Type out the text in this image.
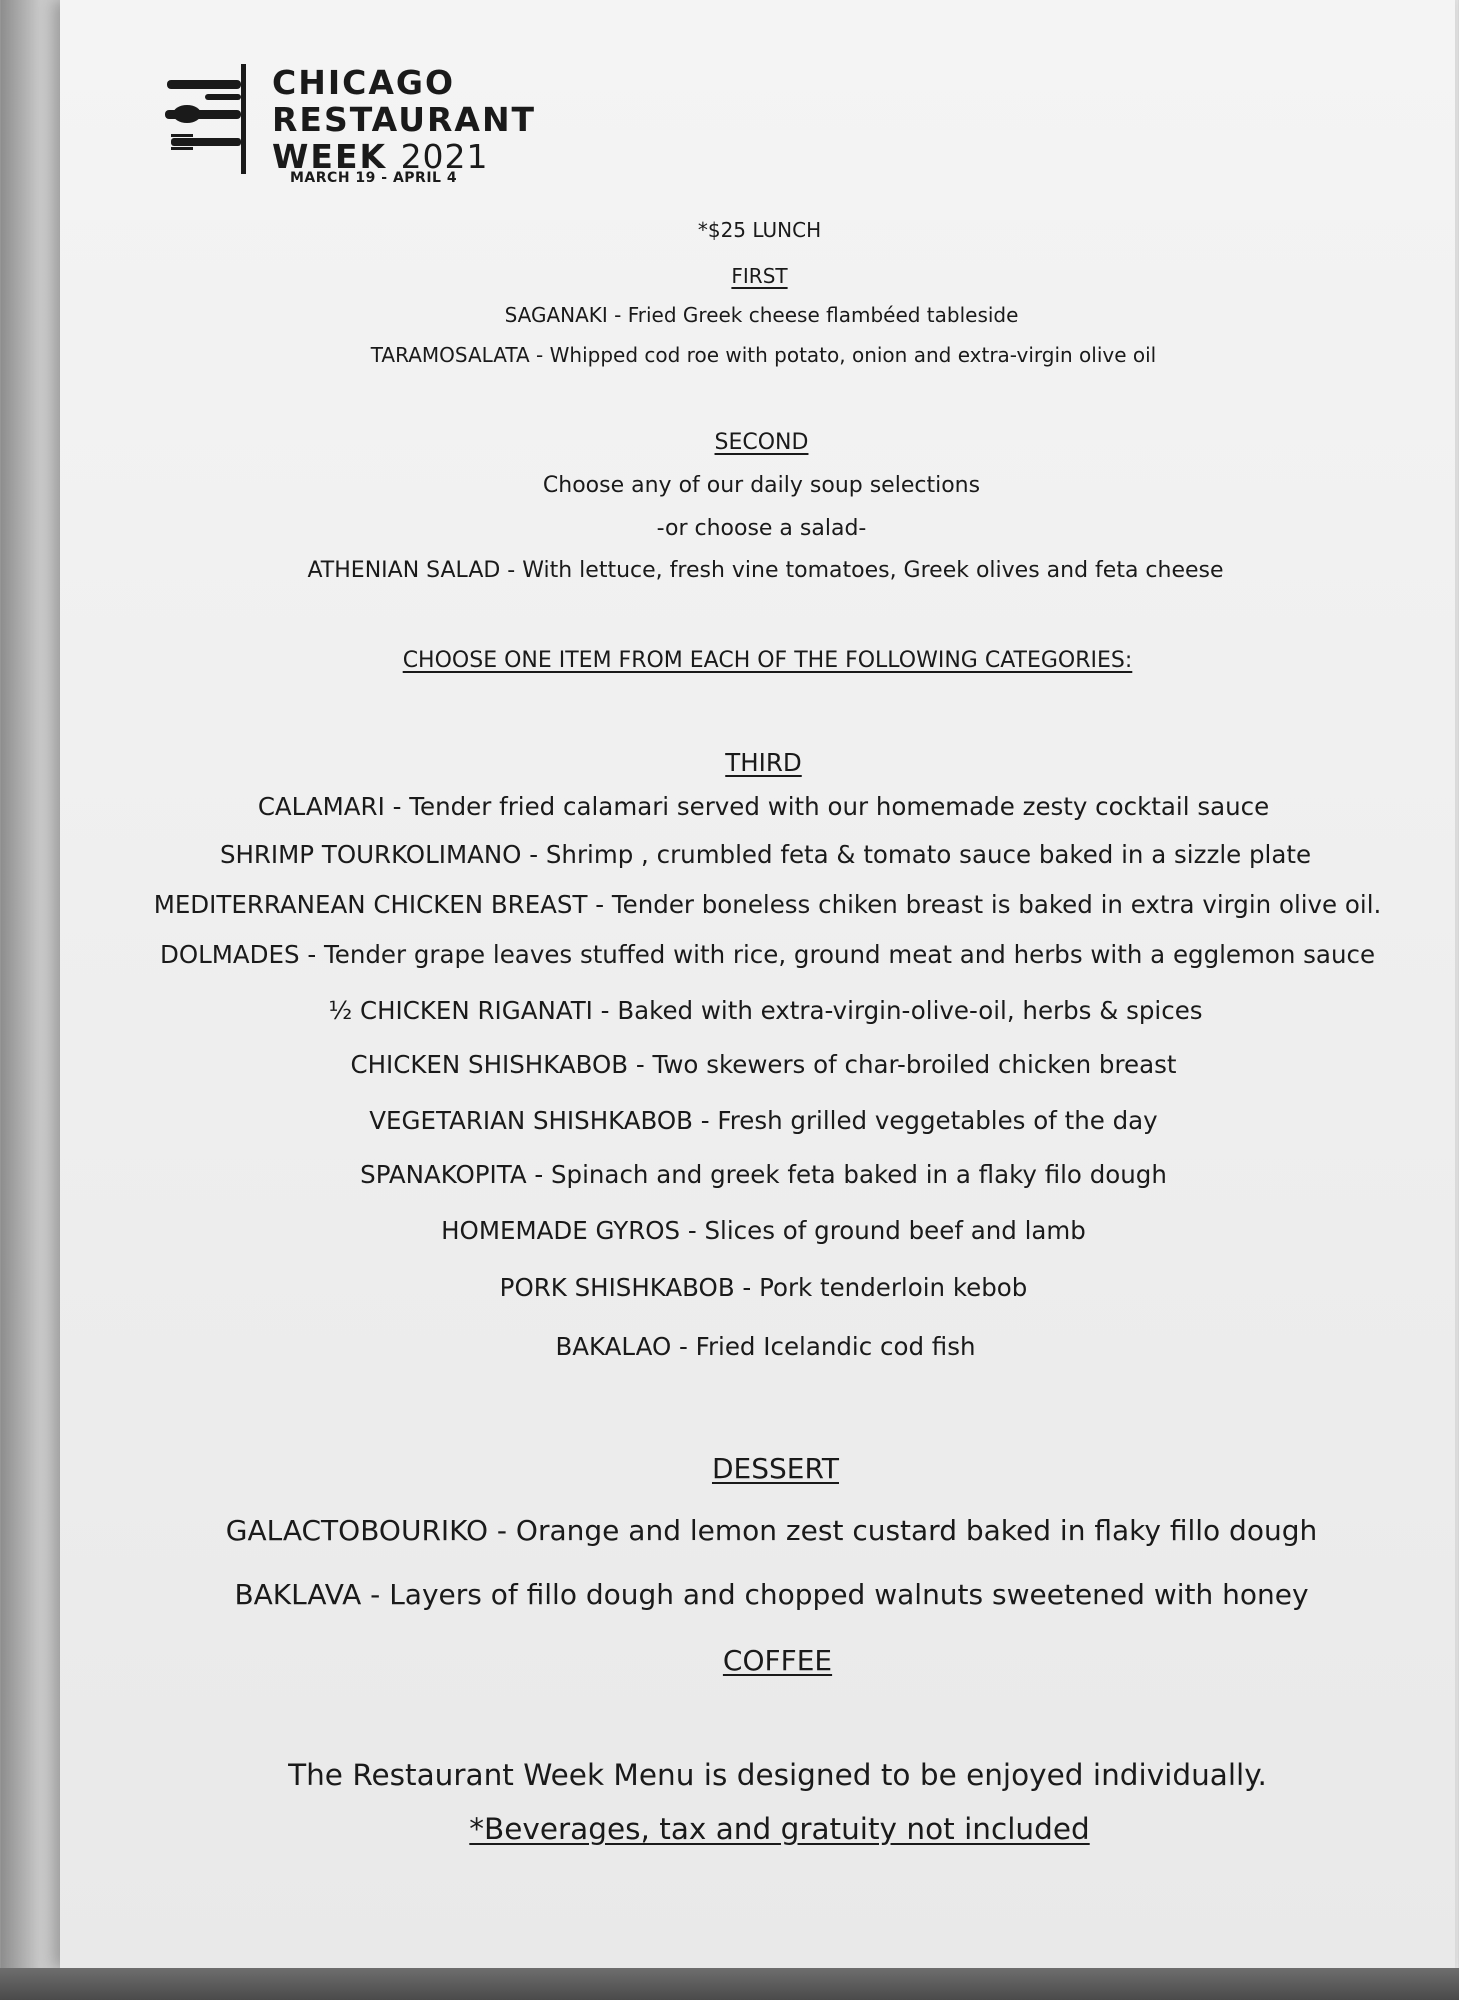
CHICAGO
RESTAURANT
WEEK 2021
MARCH 19 - APRIL 4
*$25 LUNCH
FIRST
SAGANAKI - Fried Greek cheese flambéed tableside
TARAMOSALATA - Whipped cod roe with potato, onion and extra-virgin olive oil
SECOND
Choose any of our daily soup selections
-or choose a salad-
ATHENIAN SALAD - With lettuce, fresh vine tomatoes, Greek olives and feta cheese
CHOOSE ONE ITEM FROM EACH OF THE FOLLOWING CATEGORIES:
THIRD
CALAMARI - Tender fried calamari served with our homemade zesty cocktail sauce
SHRIMP TOURKOLIMANO - Shrimp , crumbled feta & tomato sauce baked in a sizzle plate
MEDITERRANEAN CHICKEN BREAST - Tender boneless chiken breast is baked in extra virgin olive oil.
DOLMADES - Tender grape leaves stuffed with rice, ground meat and herbs with a egglemon sauce
½ CHICKEN RIGANATI - Baked with extra-virgin-olive-oil, herbs & spices
CHICKEN SHISHKABOB - Two skewers of char-broiled chicken breast
VEGETARIAN SHISHKABOB - Fresh grilled veggetables of the day
SPANAKOPITA - Spinach and greek feta baked in a flaky filo dough
HOMEMADE GYROS - Slices of ground beef and lamb
PORK SHISHKABOB - Pork tenderloin kebob
BAKALAO - Fried Icelandic cod fish
DESSERT
GALACTOBOURIKO - Orange and lemon zest custard baked in flaky fillo dough
BAKLAVA - Layers of fillo dough and chopped walnuts sweetened with honey
COFFEE
The Restaurant Week Menu is designed to be enjoyed individually.
*Beverages, tax and gratuity not included
